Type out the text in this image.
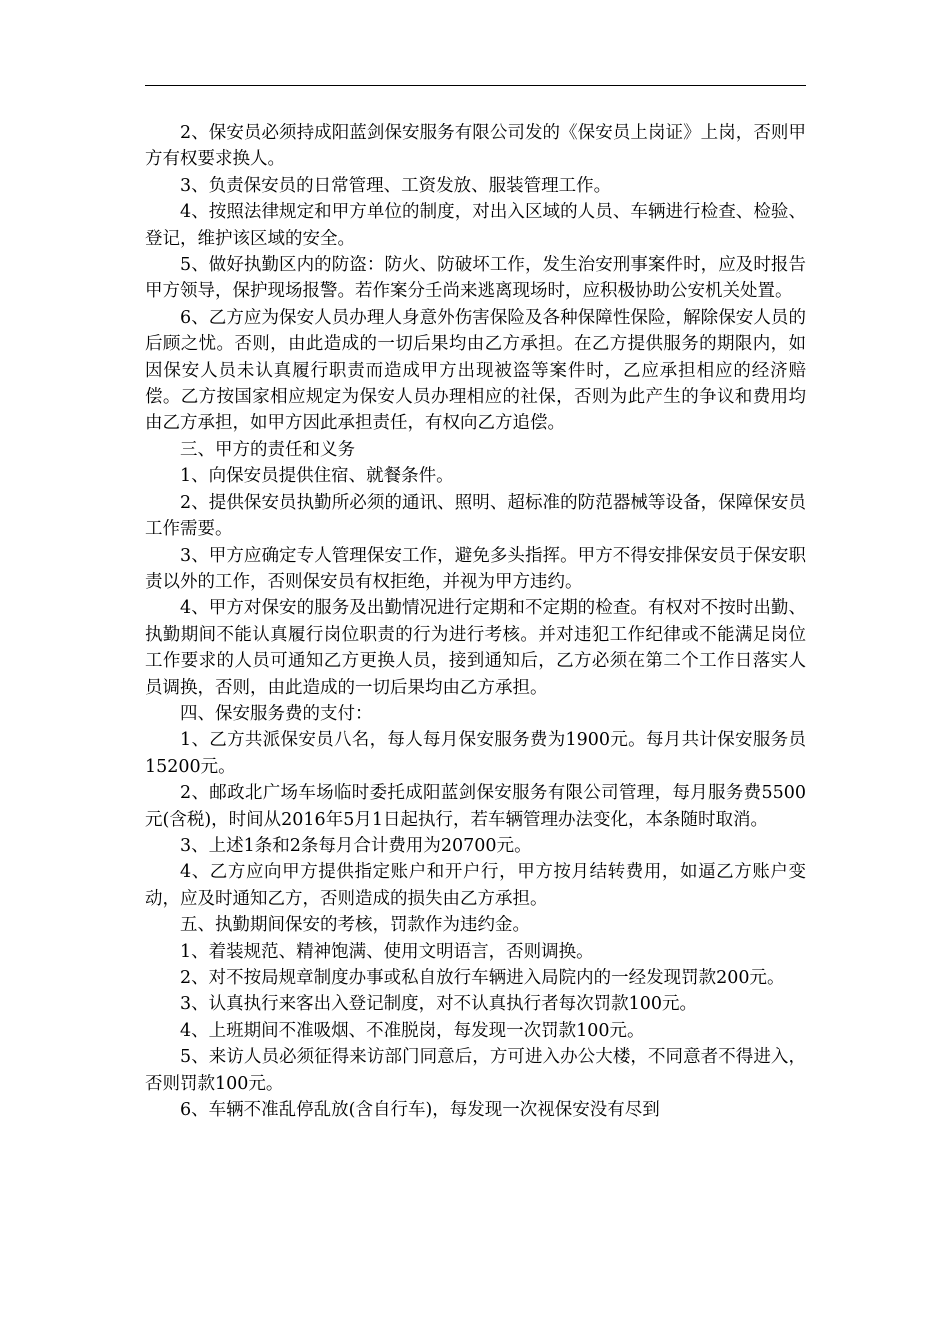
2、保安员必须持成阳蓝剑保安服务有限公司发的《保安员上岗证》上岗，否则甲方有权要求换人。

3、负责保安员的日常管理、工资发放、服装管理工作。

4、按照法律规定和甲方单位的制度，对出入区域的人员、车辆进行检查、检验、登记，维护该区域的安全。

5、做好执勤区内的防盗：防火、防破坏工作，发生治安刑事案件时，应及时报告甲方领导，保护现场报警。若作案分壬尚来逃离现场时，应积极协助公安机关处置。

6、乙方应为保安人员办理人身意外伤害保险及各种保障性保险，解除保安人员的后顾之忧。否则，由此造成的一切后果均由乙方承担。在乙方提供服务的期限内，如因保安人员未认真履行职责而造成甲方出现被盗等案件时，乙应承担相应的经济赔偿。乙方按国家相应规定为保安人员办理相应的社保，否则为此产生的争议和费用均由乙方承担，如甲方因此承担责任，有权向乙方追偿。

三、甲方的责任和义务

1、向保安员提供住宿、就餐条件。

2、提供保安员执勤所必须的通讯、照明、超标准的防范器械等设备，保障保安员工作需要。

3、甲方应确定专人管理保安工作，避免多头指挥。甲方不得安排保安员于保安职责以外的工作，否则保安员有权拒绝，并视为甲方违约。

4、甲方对保安的服务及出勤情况进行定期和不定期的检查。有权对不按时出勤、执勤期间不能认真履行岗位职责的行为进行考核。并对违犯工作纪律或不能满足岗位工作要求的人员可通知乙方更换人员，接到通知后，乙方必须在第二个工作日落实人员调换，否则，由此造成的一切后果均由乙方承担。

四、保安服务费的支付：

1、乙方共派保安员八名，每人每月保安服务费为1900元。每月共计保安服务员15200元。

2、邮政北广场车场临时委托成阳蓝剑保安服务有限公司管理，每月服务费5500元(含税)，时间从2016年5月1日起执行，若车辆管理办法变化，本条随时取消。

3、上述1条和2条每月合计费用为20700元。

4、乙方应向甲方提供指定账户和开户行，甲方按月结转费用，如逼乙方账户变动，应及时通知乙方，否则造成的损失由乙方承担。

五、执勤期间保安的考核，罚款作为违约金。

1、着装规范、精神饱满、使用文明语言，否则调换。

2、对不按局规章制度办事或私自放行车辆进入局院内的一经发现罚款200元。

3、认真执行来客出入登记制度，对不认真执行者每次罚款100元。

4、上班期间不准吸烟、不准脱岗，每发现一次罚款100元。

5、来访人员必须征得来访部门同意后，方可进入办公大楼，不同意者不得进入，否则罚款100元。

6、车辆不准乱停乱放(含自行车)，每发现一次视保安没有尽到
